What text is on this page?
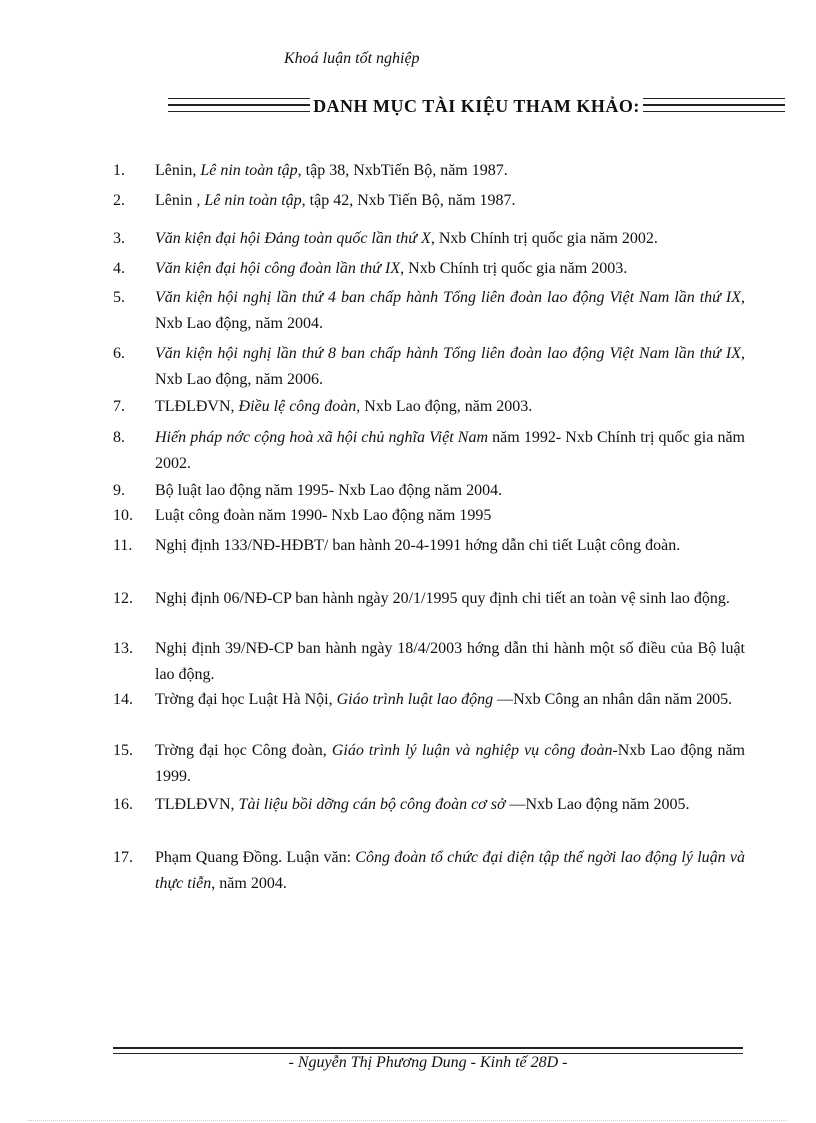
Khoá luận tốt nghiệp
DANH MỤC TÀI KIỆU THAM KHẢO:
1.	Lênin, Lê nin toàn tập, tập 38, NxbTiến Bộ, năm 1987.
2.	Lênin , Lê nin toàn tập, tập 42, Nxb Tiến Bộ, năm 1987.
3.	Văn kiện đại hội Đảng toàn quốc lần thứ X, Nxb Chính trị quốc gia năm 2002.
4.	Văn kiện đại hội công đoàn lần thứ IX, Nxb Chính trị quốc gia năm 2003.
5.	Văn kiện hội nghị lần thứ 4 ban chấp hành Tổng liên đoàn lao động Việt Nam lần thứ IX, Nxb Lao động, năm 2004.
6.	Văn kiện hội nghị lần thứ 8 ban chấp hành Tổng liên đoàn lao động Việt Nam lần thứ IX, Nxb Lao động, năm 2006.
7.	TLĐLĐVN, Điều lệ công đoàn, Nxb Lao động, năm 2003.
8.	Hiến pháp nớc cộng hoà xã hội chủ nghĩa Việt Nam năm 1992- Nxb Chính trị quốc gia năm 2002.
9.	Bộ luật lao động năm 1995- Nxb Lao động năm 2004.
10.	Luật công đoàn năm 1990- Nxb Lao động năm 1995
11.	Nghị định 133/NĐ-HĐBT/ ban hành 20-4-1991 hớng dẫn chi tiết Luật công đoàn.
12.	Nghị định 06/NĐ-CP ban hành ngày 20/1/1995 quy định chi tiết an toàn vệ sinh lao động.
13.	Nghị định 39/NĐ-CP ban hành ngày 18/4/2003 hớng dẫn thi hành một số điều của Bộ luật lao động.
14.	Trờng đại học Luật Hà Nội, Giáo trình luật lao động —Nxb Công an nhân dân năm 2005.
15.	Trờng đại học Công đoàn, Giáo trình lý luận và nghiệp vụ công đoàn-Nxb Lao động năm 1999.
16.	TLĐLĐVN, Tài liệu bồi dỡng cán bộ công đoàn cơ sở —Nxb Lao động năm 2005.
17.	Phạm Quang Đồng. Luận văn: Công đoàn tổ chức đại diện tập thể ngời lao động lý luận và thực tiễn, năm 2004.
- Nguyễn Thị Phương Dung - Kinh tế 28D -
